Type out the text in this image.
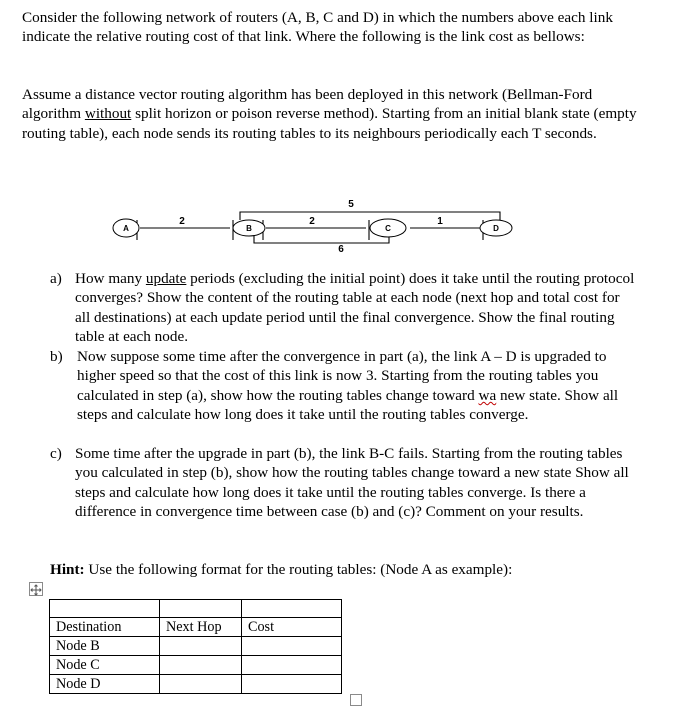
Consider the following network of routers (A, B, C and D) in which the numbers above each link indicate the relative routing cost of that link. Where the following is the link cost as bellows:
Assume a distance vector routing algorithm has been deployed in this network (Bellman-Ford algorithm without split horizon or poison reverse method). Starting from an initial blank state (empty routing table), each node sends its routing tables to its neighbours periodically each T seconds.
A	B	C	D
2	2	1
6
5
a) How many update periods (excluding the initial point) does it take until the routing protocol converges? Show the content of the routing table at each node (next hop and total cost for all destinations) at each update period until the final convergence. Show the final routing table at each node.
b) Now suppose some time after the convergence in part (a), the link A – D is upgraded to higher speed so that the cost of this link is now 3. Starting from the routing tables you calculated in step (a), show how the routing tables change toward wa new state. Show all steps and calculate how long does it take until the routing tables converge.
c) Some time after the upgrade in part (b), the link B-C fails. Starting from the routing tables you calculated in step (b), show how the routing tables change toward a new state Show all steps and calculate how long does it take until the routing tables converge. Is there a difference in convergence time between case (b) and (c)? Comment on your results.
Hint: Use the following format for the routing tables: (Node A as example):

Destination	Next Hop	Cost
Node B		
Node C		
Node D		
